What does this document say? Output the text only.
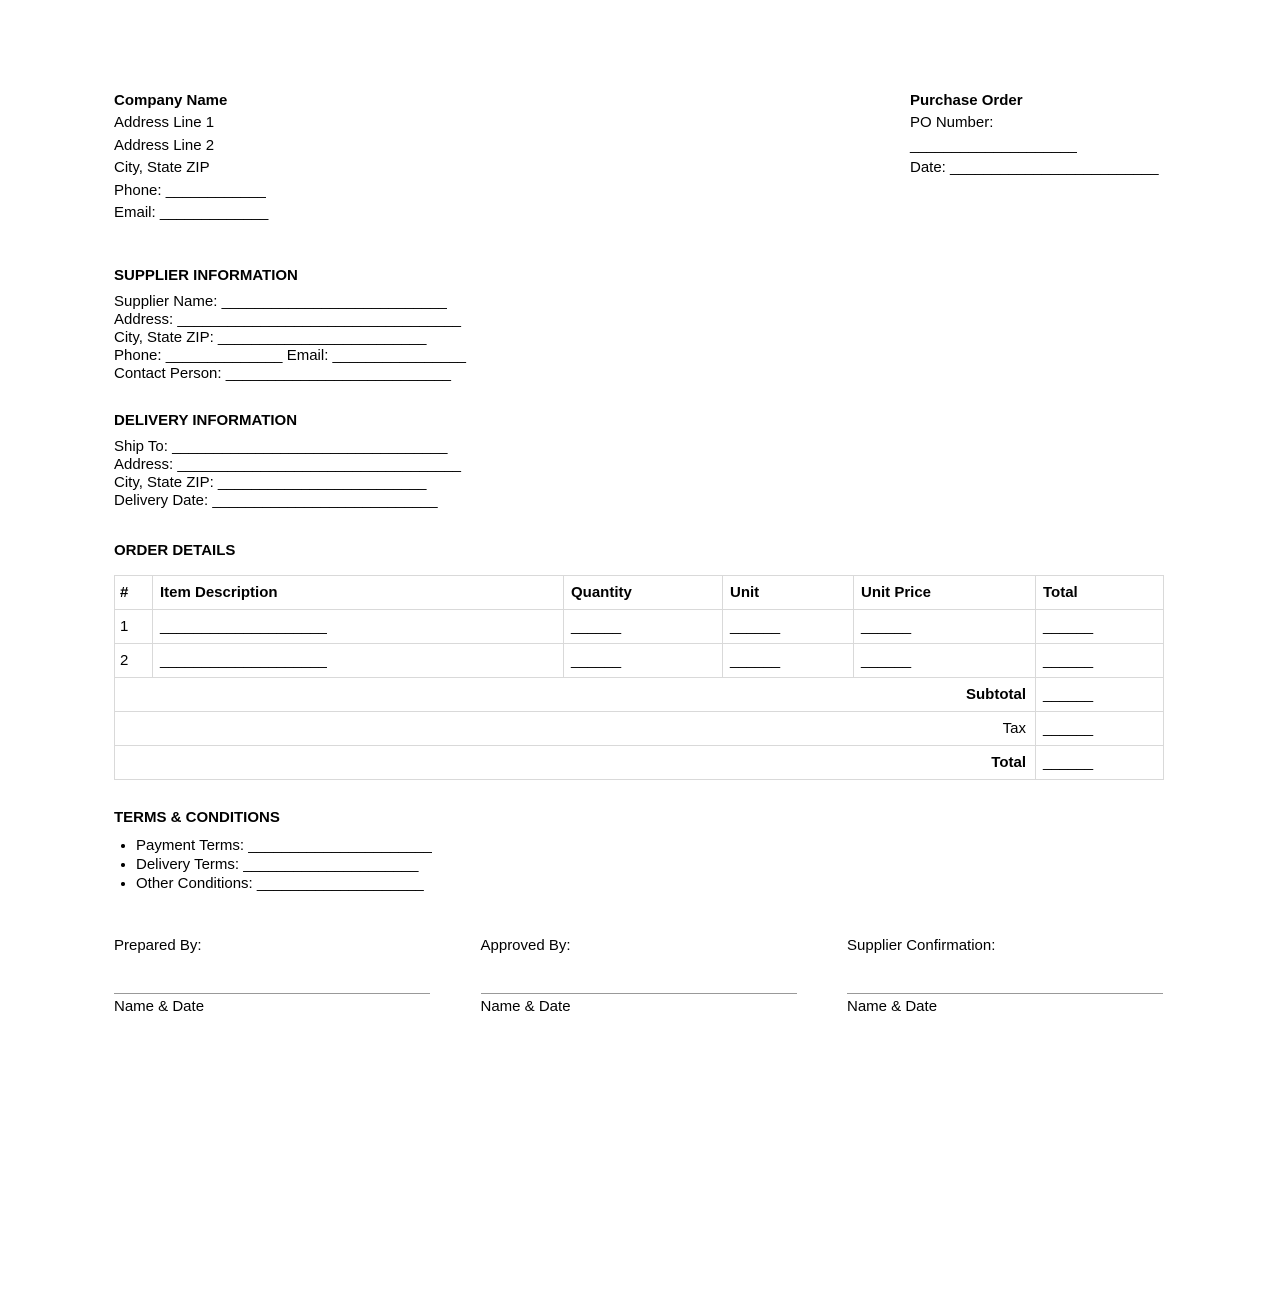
Company Name
Address Line 1
Address Line 2
City, State ZIP
Phone: ____________
Email: _____________
Purchase Order
PO Number: ____________________
Date: _________________________
SUPPLIER INFORMATION
Supplier Name: ___________________________
Address: __________________________________
City, State ZIP: _________________________
Phone: ______________ Email: ________________
Contact Person: ___________________________
DELIVERY INFORMATION
Ship To: _________________________________
Address: __________________________________
City, State ZIP: _________________________
Delivery Date: ___________________________
ORDER DETAILS
#	Item Description	Quantity	Unit	Unit Price	Total
1	____________________	______	______	______	______
2	____________________	______	______	______	______
Subtotal					______
Tax					______
Total					______
TERMS & CONDITIONS
• Payment Terms: ______________________
• Delivery Terms: _____________________
• Other Conditions: ____________________
Prepared By:
Name & Date
Approved By:
Name & Date
Supplier Confirmation:
Name & Date
